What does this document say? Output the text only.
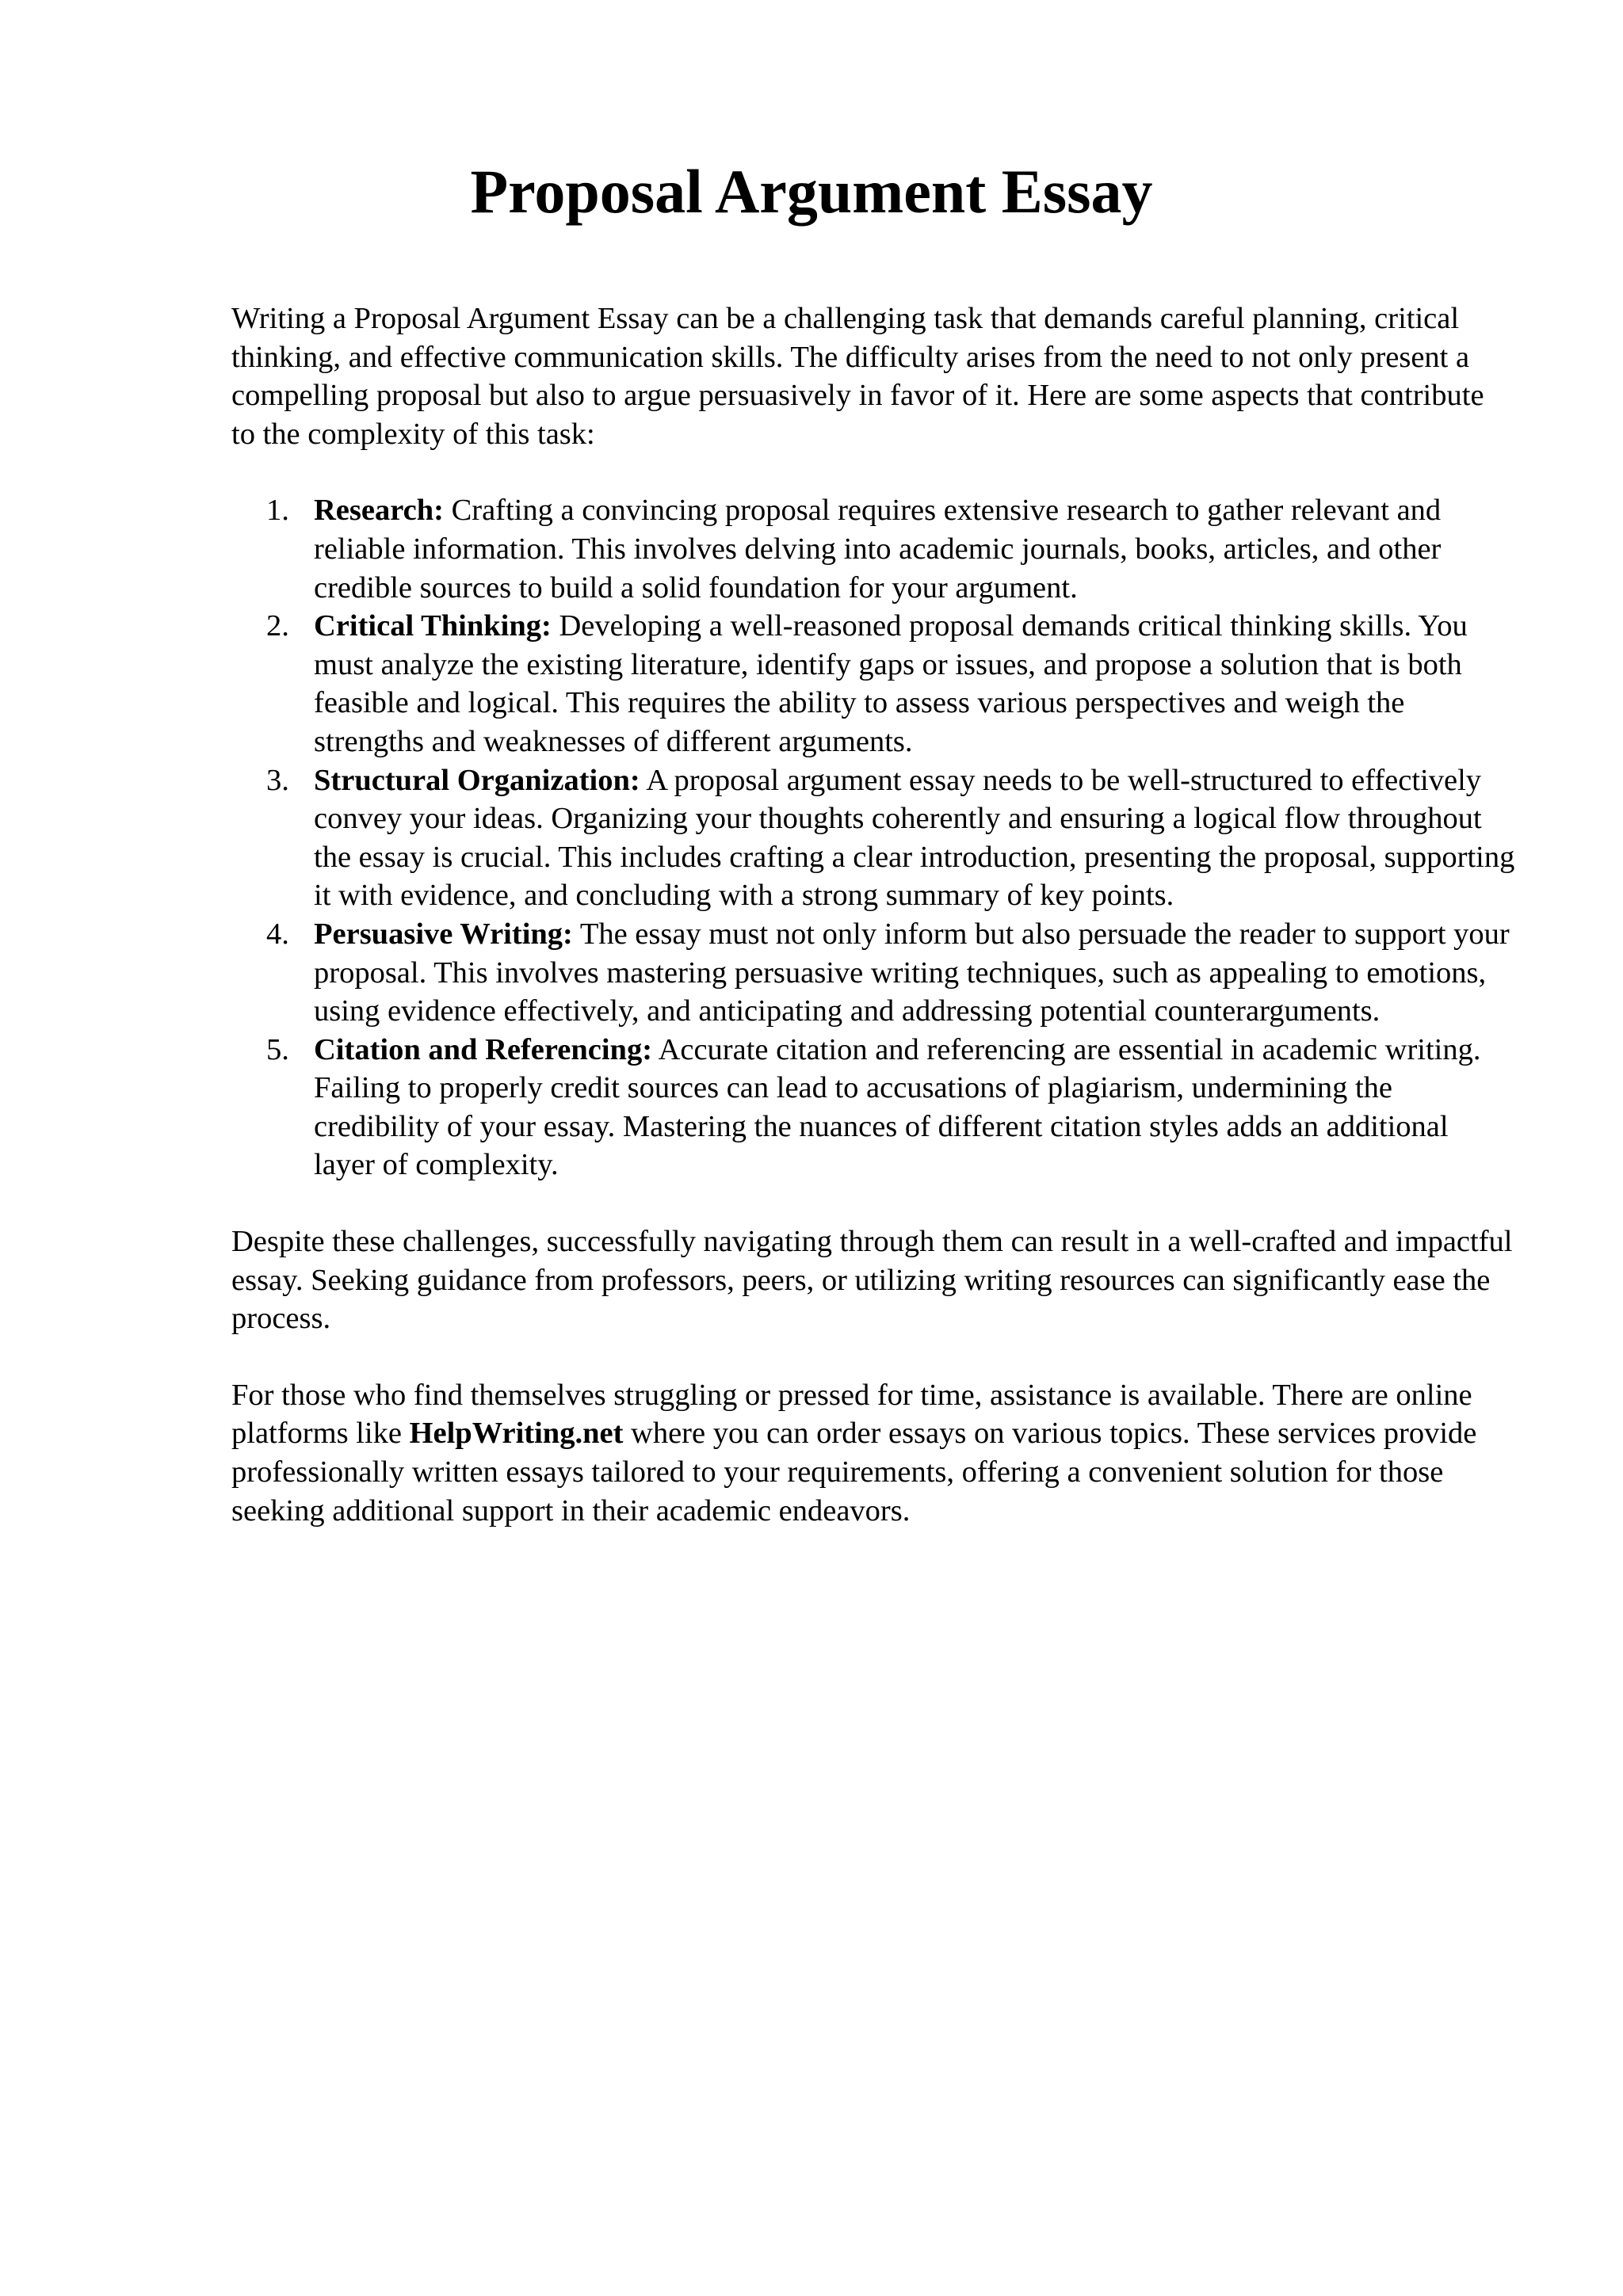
Proposal Argument Essay

Writing a Proposal Argument Essay can be a challenging task that demands careful planning, critical thinking, and effective communication skills. The difficulty arises from the need to not only present a compelling proposal but also to argue persuasively in favor of it. Here are some aspects that contribute to the complexity of this task:

1. Research: Crafting a convincing proposal requires extensive research to gather relevant and reliable information. This involves delving into academic journals, books, articles, and other credible sources to build a solid foundation for your argument.
2. Critical Thinking: Developing a well-reasoned proposal demands critical thinking skills. You must analyze the existing literature, identify gaps or issues, and propose a solution that is both feasible and logical. This requires the ability to assess various perspectives and weigh the strengths and weaknesses of different arguments.
3. Structural Organization: A proposal argument essay needs to be well-structured to effectively convey your ideas. Organizing your thoughts coherently and ensuring a logical flow throughout the essay is crucial. This includes crafting a clear introduction, presenting the proposal, supporting it with evidence, and concluding with a strong summary of key points.
4. Persuasive Writing: The essay must not only inform but also persuade the reader to support your proposal. This involves mastering persuasive writing techniques, such as appealing to emotions, using evidence effectively, and anticipating and addressing potential counterarguments.
5. Citation and Referencing: Accurate citation and referencing are essential in academic writing. Failing to properly credit sources can lead to accusations of plagiarism, undermining the credibility of your essay. Mastering the nuances of different citation styles adds an additional layer of complexity.

Despite these challenges, successfully navigating through them can result in a well-crafted and impactful essay. Seeking guidance from professors, peers, or utilizing writing resources can significantly ease the process.

For those who find themselves struggling or pressed for time, assistance is available. There are online platforms like HelpWriting.net where you can order essays on various topics. These services provide professionally written essays tailored to your requirements, offering a convenient solution for those seeking additional support in their academic endeavors.
